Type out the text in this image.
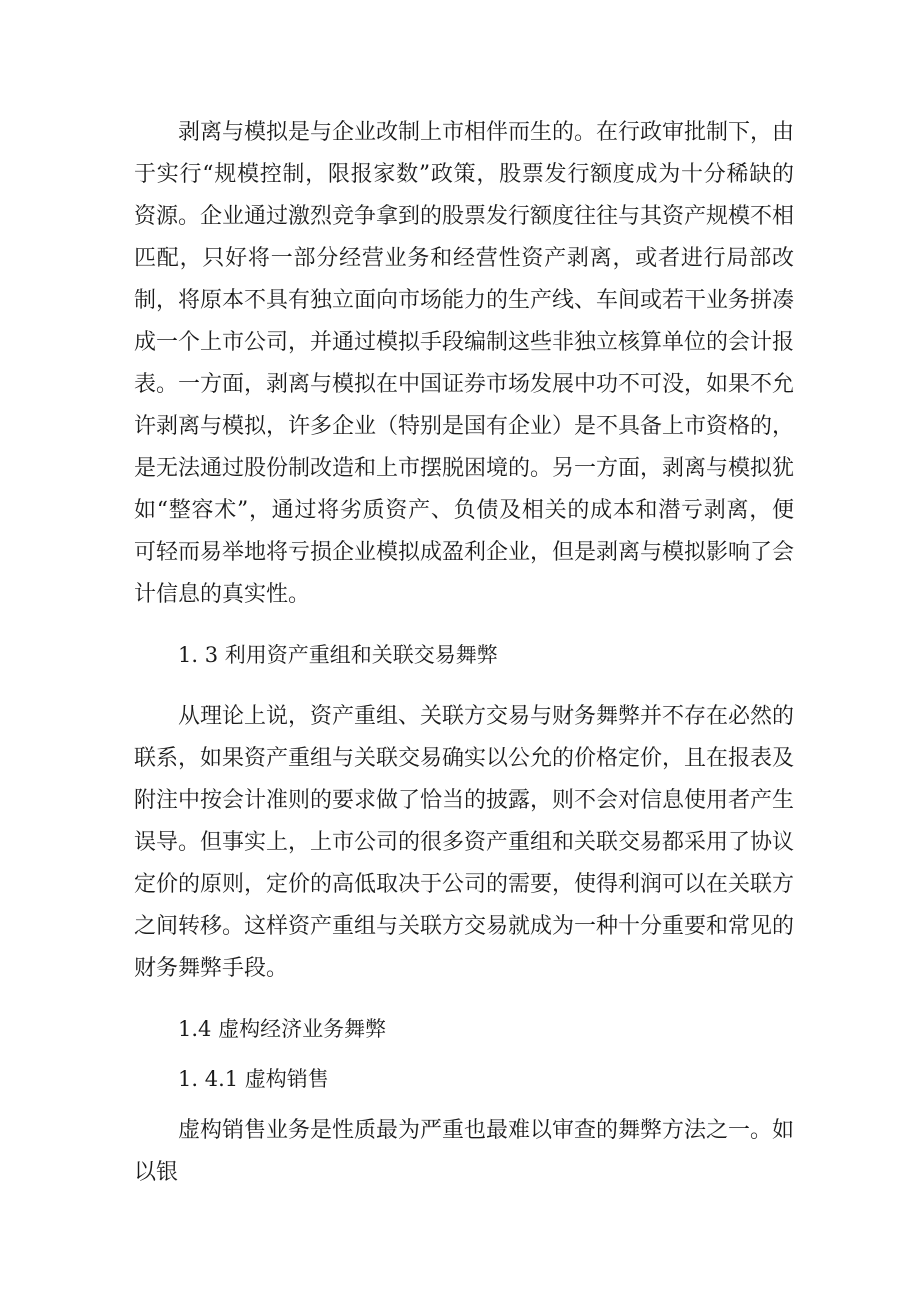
剥离与模拟是与企业改制上市相伴而生的。在行政审批制下，由于实行“规模控制，限报家数”政策，股票发行额度成为十分稀缺的资源。企业通过激烈竞争拿到的股票发行额度往往与其资产规模不相匹配，只好将一部分经营业务和经营性资产剥离，或者进行局部改制，将原本不具有独立面向市场能力的生产线、车间或若干业务拼凑成一个上市公司，并通过模拟手段编制这些非独立核算单位的会计报表。一方面，剥离与模拟在中国证券市场发展中功不可没，如果不允许剥离与模拟，许多企业（特别是国有企业）是不具备上市资格的，是无法通过股份制改造和上市摆脱困境的。另一方面，剥离与模拟犹如“整容术”，通过将劣质资产、负债及相关的成本和潜亏剥离，便可轻而易举地将亏损企业模拟成盈利企业，但是剥离与模拟影响了会计信息的真实性。

1. 3 利用资产重组和关联交易舞弊

从理论上说，资产重组、关联方交易与财务舞弊并不存在必然的联系，如果资产重组与关联交易确实以公允的价格定价，且在报表及附注中按会计准则的要求做了恰当的披露，则不会对信息使用者产生误导。但事实上，上市公司的很多资产重组和关联交易都采用了协议定价的原则，定价的高低取决于公司的需要，使得利润可以在关联方之间转移。这样资产重组与关联方交易就成为一种十分重要和常见的财务舞弊手段。

1.4 虚构经济业务舞弊

1. 4.1 虚构销售

虚构销售业务是性质最为严重也最难以审查的舞弊方法之一。如以银
